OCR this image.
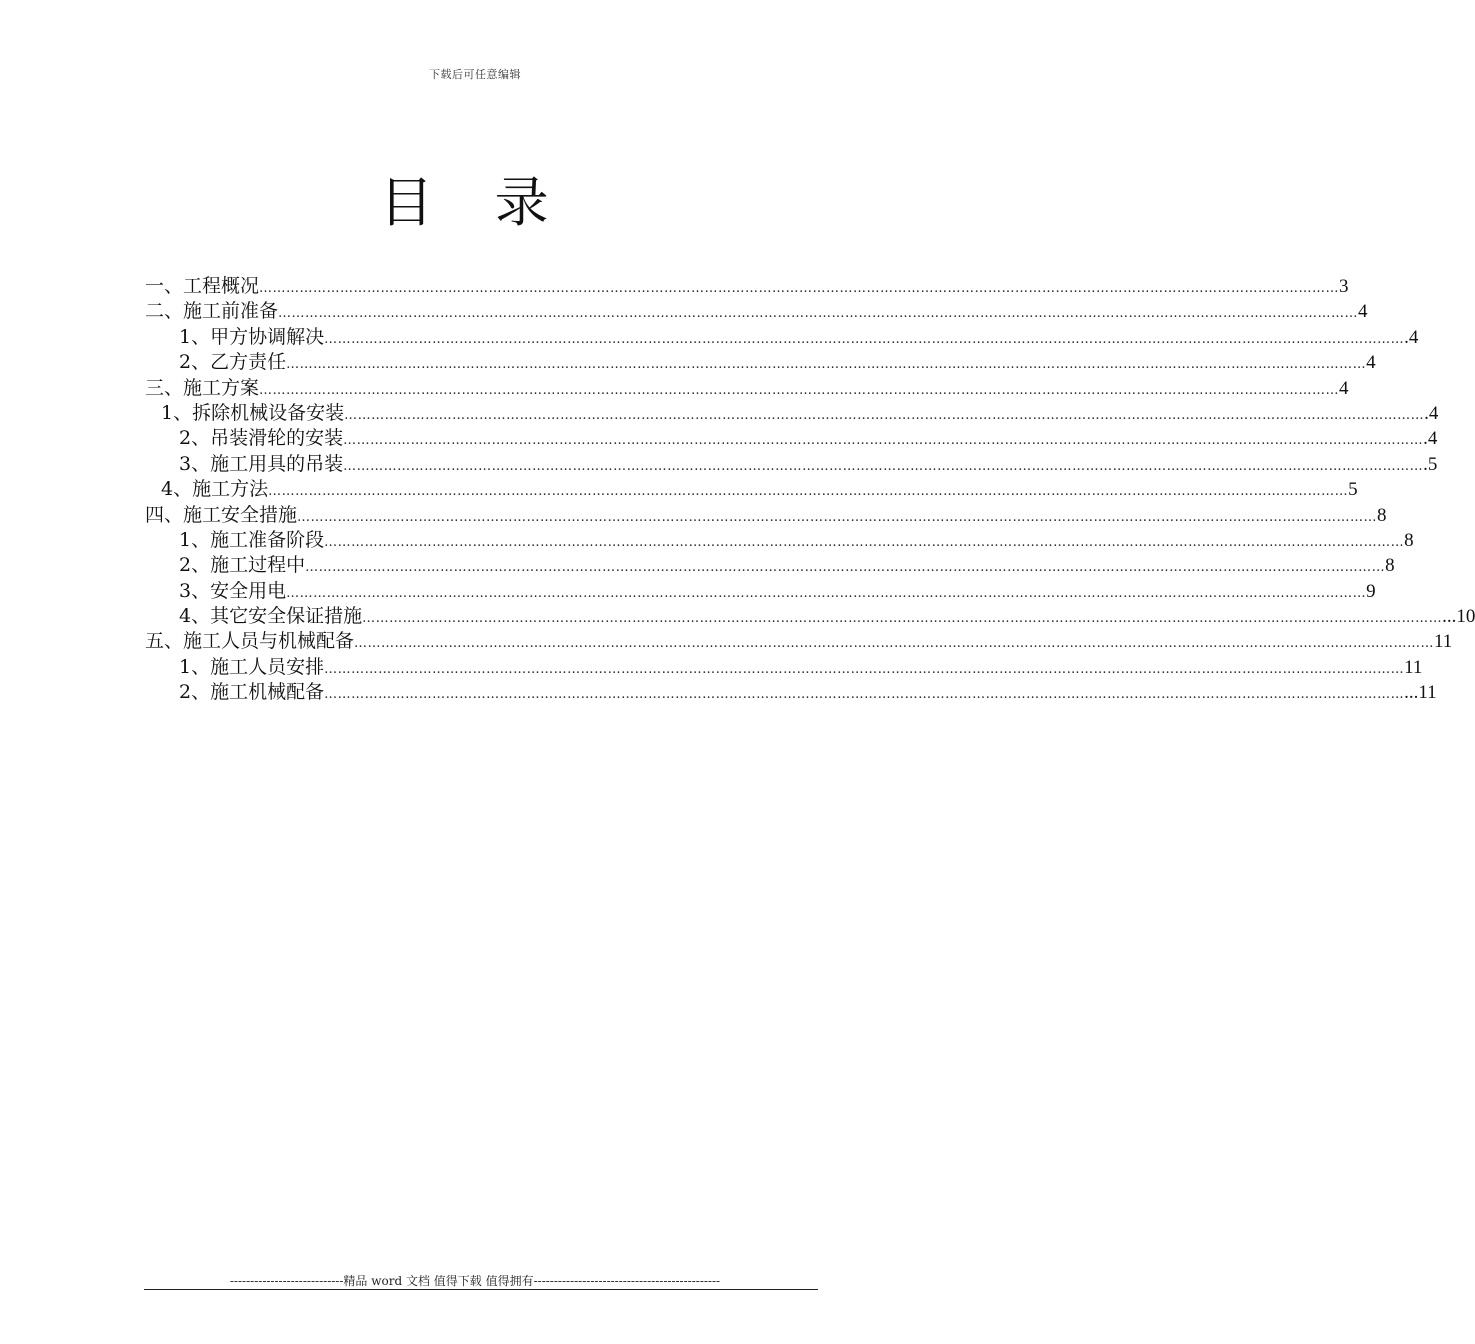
下载后可任意编辑
目 录
一、工程概况 …………………………………………………………………………………………………………………………………………………………………………………………………………………… 3
二、施工前准备 …………………………………………………………………………………………………………………………………………………………………………………………………………………… 4
1、甲方协调解决 …………………………………………………………………………………………………………………………………………………………………………………………………………………… .4
2、乙方责任 …………………………………………………………………………………………………………………………………………………………………………………………………………………… 4
三、施工方案 …………………………………………………………………………………………………………………………………………………………………………………………………………………… 4
1、拆除机械设备安装 …………………………………………………………………………………………………………………………………………………………………………………………………………………… .4
2、吊装滑轮的安装 …………………………………………………………………………………………………………………………………………………………………………………………………………………… .4
3、施工用具的吊装 …………………………………………………………………………………………………………………………………………………………………………………………………………………… .5
4、施工方法 …………………………………………………………………………………………………………………………………………………………………………………………………………………… 5
四、施工安全措施 …………………………………………………………………………………………………………………………………………………………………………………………………………………… 8
1、施工准备阶段 …………………………………………………………………………………………………………………………………………………………………………………………………………………… 8
2、施工过程中 …………………………………………………………………………………………………………………………………………………………………………………………………………………… 8
3、安全用电 …………………………………………………………………………………………………………………………………………………………………………………………………………………… 9
4、其它安全保证措施 …………………………………………………………………………………………………………………………………………………………………………………………………………………… ...10
五、施工人员与机械配备 …………………………………………………………………………………………………………………………………………………………………………………………………………………… 11
1、施工人员安排 …………………………………………………………………………………………………………………………………………………………………………………………………………………… 11
2、施工机械配备 …………………………………………………………………………………………………………………………………………………………………………………………………………………… ...11
----------------------------精品 word 文档 值得下载 值得拥有----------------------------------------------
